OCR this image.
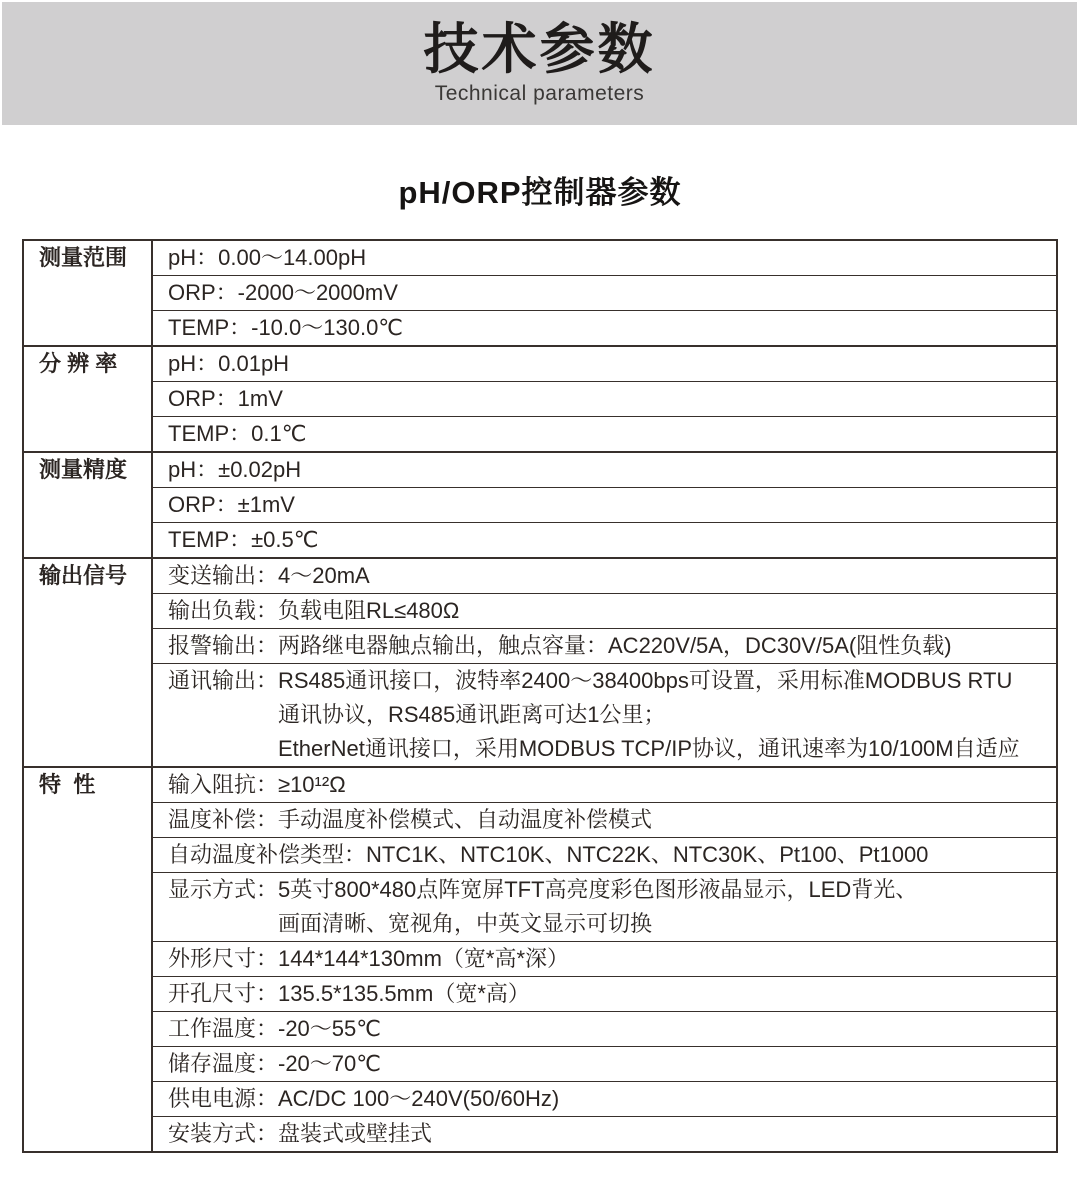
技术参数
Technical parameters
pH/ORP控制器参数
测量范围	pH：0.00～14.00pH
ORP：-2000～2000mV
TEMP：-10.0～130.0℃
分 辨 率	pH：0.01pH
ORP：1mV
TEMP：0.1℃
测量精度	pH：±0.02pH
ORP：±1mV
TEMP：±0.5℃
输出信号	变送输出：4～20mA
输出负载：负载电阻RL≤480Ω
报警输出：两路继电器触点输出，触点容量：AC220V/5A，DC30V/5A(阻性负载)
通讯输出：RS485通讯接口，波特率2400～38400bps可设置，采用标准MODBUS RTU
通讯协议，RS485通讯距离可达1公里；
EtherNet通讯接口，采用MODBUS TCP/IP协议，通讯速率为10/100M自适应
特  性	输入阻抗：≥10¹²Ω
温度补偿：手动温度补偿模式、自动温度补偿模式
自动温度补偿类型：NTC1K、NTC10K、NTC22K、NTC30K、Pt100、Pt1000
显示方式：5英寸800*480点阵宽屏TFT高亮度彩色图形液晶显示，LED背光、
画面清晰、宽视角，中英文显示可切换
外形尺寸：144*144*130mm（宽*高*深）
开孔尺寸：135.5*135.5mm（宽*高）
工作温度：-20～55℃
储存温度：-20～70℃
供电电源：AC/DC 100～240V(50/60Hz)
安装方式：盘装式或壁挂式
